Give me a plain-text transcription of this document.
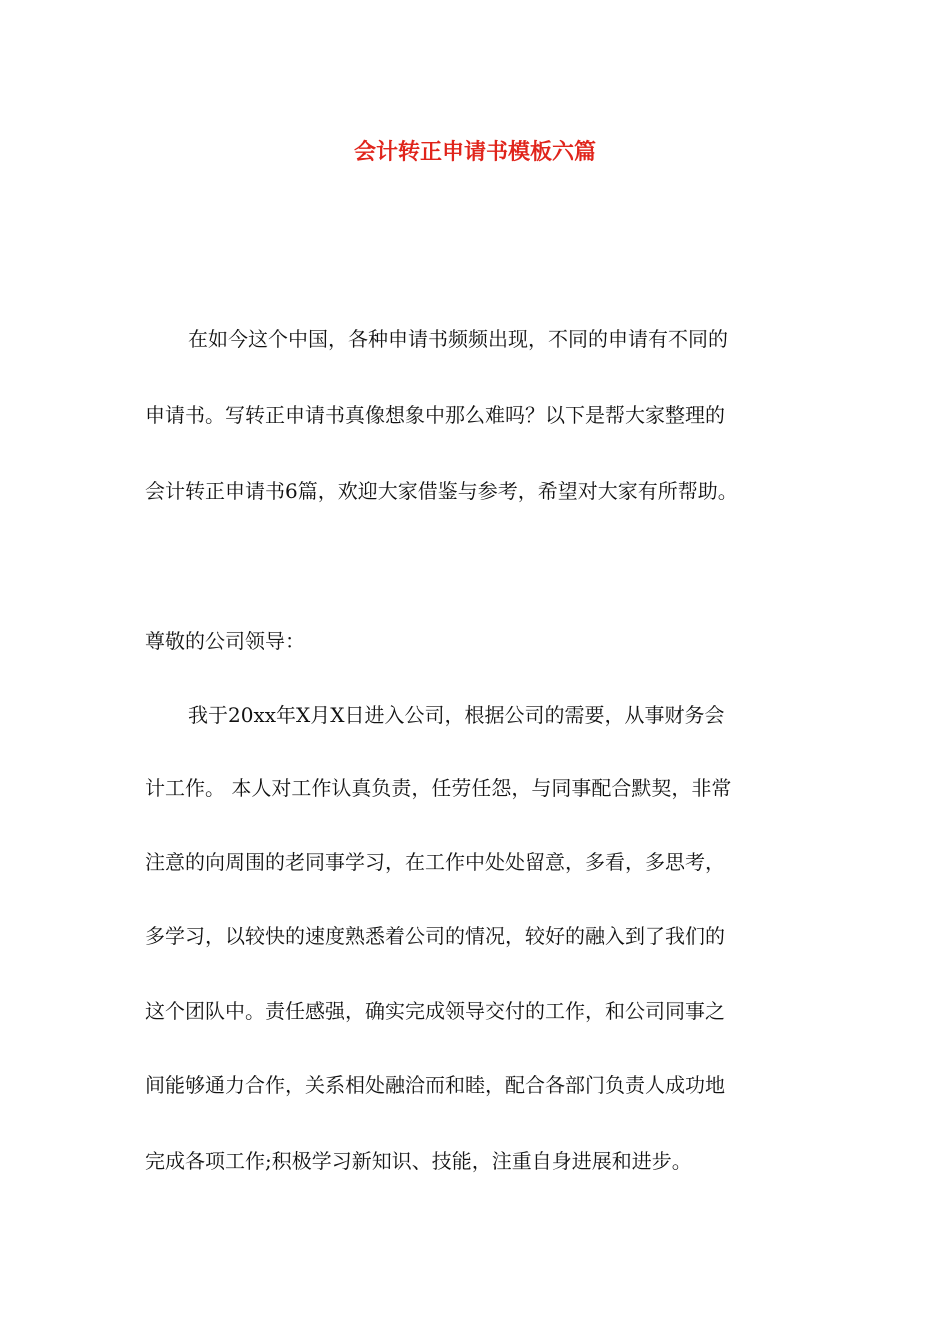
会计转正申请书模板六篇
在如今这个中国，各种申请书频频出现，不同的申请有不同的
申请书。写转正申请书真像想象中那么难吗？以下是帮大家整理的
会计转正申请书6篇，欢迎大家借鉴与参考，希望对大家有所帮助。
尊敬的公司领导：
我于20xx年X月X日进入公司，根据公司的需要，从事财务会
计工作。 本人对工作认真负责，任劳任怨，与同事配合默契，非常
注意的向周围的老同事学习，在工作中处处留意，多看，多思考，
多学习，以较快的速度熟悉着公司的情况，较好的融入到了我们的
这个团队中。责任感强，确实完成领导交付的工作，和公司同事之
间能够通力合作，关系相处融洽而和睦，配合各部门负责人成功地
完成各项工作;积极学习新知识、技能，注重自身进展和进步。
